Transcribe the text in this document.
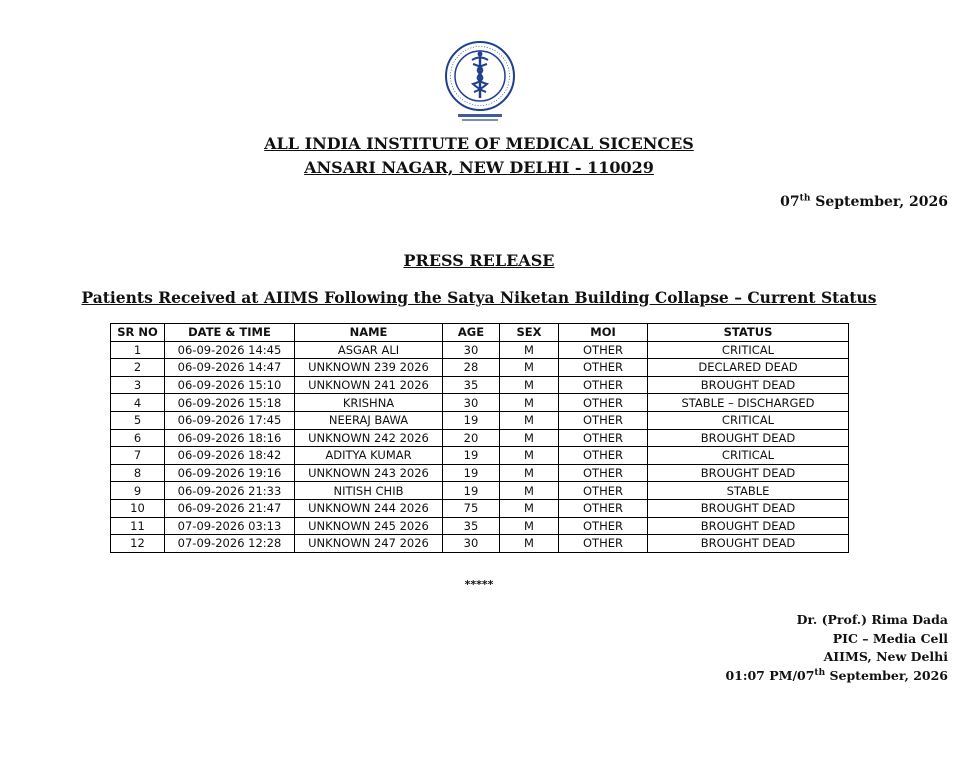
ALL INDIA INSTITUTE OF MEDICAL SICENCES
ANSARI NAGAR, NEW DELHI - 110029
07th September, 2026
PRESS RELEASE
Patients Received at AIIMS Following the Satya Niketan Building Collapse – Current Status
SR NO	DATE & TIME	NAME	AGE	SEX	MOI	STATUS
1	06-09-2026 14:45	ASGAR ALI	30	M	OTHER	CRITICAL
2	06-09-2026 14:47	UNKNOWN 239 2026	28	M	OTHER	DECLARED DEAD
3	06-09-2026 15:10	UNKNOWN 241 2026	35	M	OTHER	BROUGHT DEAD
4	06-09-2026 15:18	KRISHNA	30	M	OTHER	STABLE – DISCHARGED
5	06-09-2026 17:45	NEERAJ BAWA	19	M	OTHER	CRITICAL
6	06-09-2026 18:16	UNKNOWN 242 2026	20	M	OTHER	BROUGHT DEAD
7	06-09-2026 18:42	ADITYA KUMAR	19	M	OTHER	CRITICAL
8	06-09-2026 19:16	UNKNOWN 243 2026	19	M	OTHER	BROUGHT DEAD
9	06-09-2026 21:33	NITISH CHIB	19	M	OTHER	STABLE
10	06-09-2026 21:47	UNKNOWN 244 2026	75	M	OTHER	BROUGHT DEAD
11	07-09-2026 03:13	UNKNOWN 245 2026	35	M	OTHER	BROUGHT DEAD
12	07-09-2026 12:28	UNKNOWN 247 2026	30	M	OTHER	BROUGHT DEAD
*****
Dr. (Prof.) Rima Dada
PIC – Media Cell
AIIMS, New Delhi
01:07 PM/07th September, 2026
